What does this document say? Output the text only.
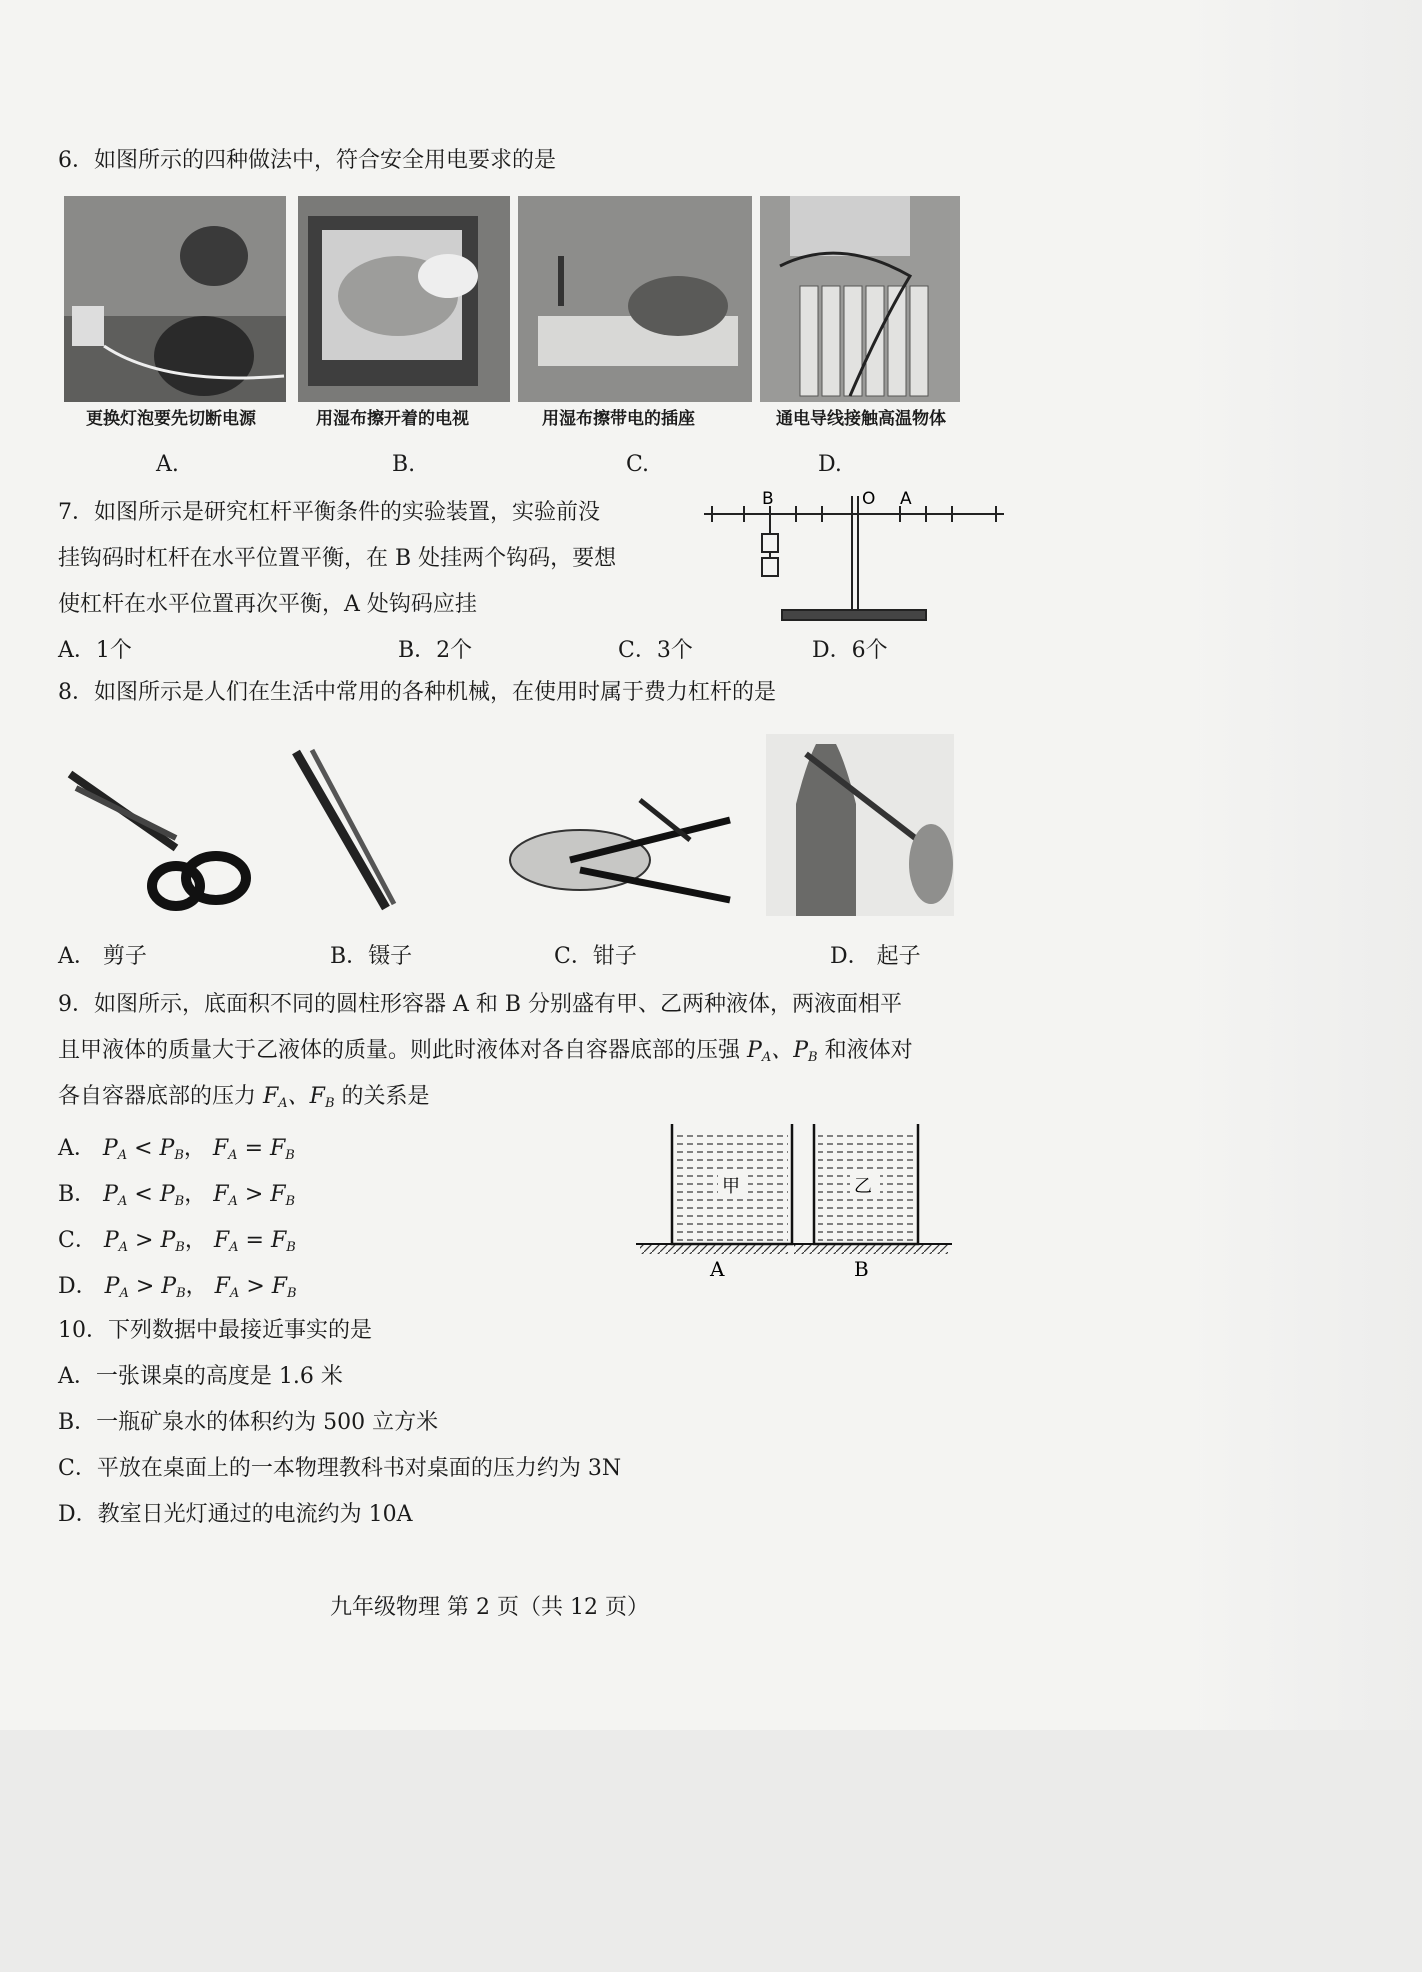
6．如图所示的四种做法中，符合安全用电要求的是
更换灯泡要先切断电源	用湿布擦开着的电视	用湿布擦带电的插座	通电导线接触高温物体
A.	B.	C.	D.
7．如图所示是研究杠杆平衡条件的实验装置，实验前没
挂钩码时杠杆在水平位置平衡，在 B 处挂两个钩码，要想
使杠杆在水平位置再次平衡，A 处钩码应挂
A．1个	B．2个	C．3个	D．6个
B	O A
8．如图所示是人们在生活中常用的各种机械，在使用时属于费力杠杆的是
A． 剪子	B．镊子	C．钳子	D． 起子
9．如图所示，底面积不同的圆柱形容器 A 和 B 分别盛有甲、乙两种液体，两液面相平
且甲液体的质量大于乙液体的质量。则此时液体对各自容器底部的压强 $P_A$、$P_B$ 和液体对
各自容器底部的压力 $F_A$、$F_B$ 的关系是
A． $P_A < P_B$， $F_A = F_B$
B． $P_A < P_B$， $F_A > F_B$
C． $P_A > P_B$， $F_A = F_B$
D． $P_A > P_B$， $F_A > F_B$
甲	乙
A	B
10．下列数据中最接近事实的是
A．一张课桌的高度是 1.6 米
B．一瓶矿泉水的体积约为 500 立方米
C．平放在桌面上的一本物理教科书对桌面的压力约为 3N
D．教室日光灯通过的电流约为 10A
九年级物理 第 2 页（共 12 页）
